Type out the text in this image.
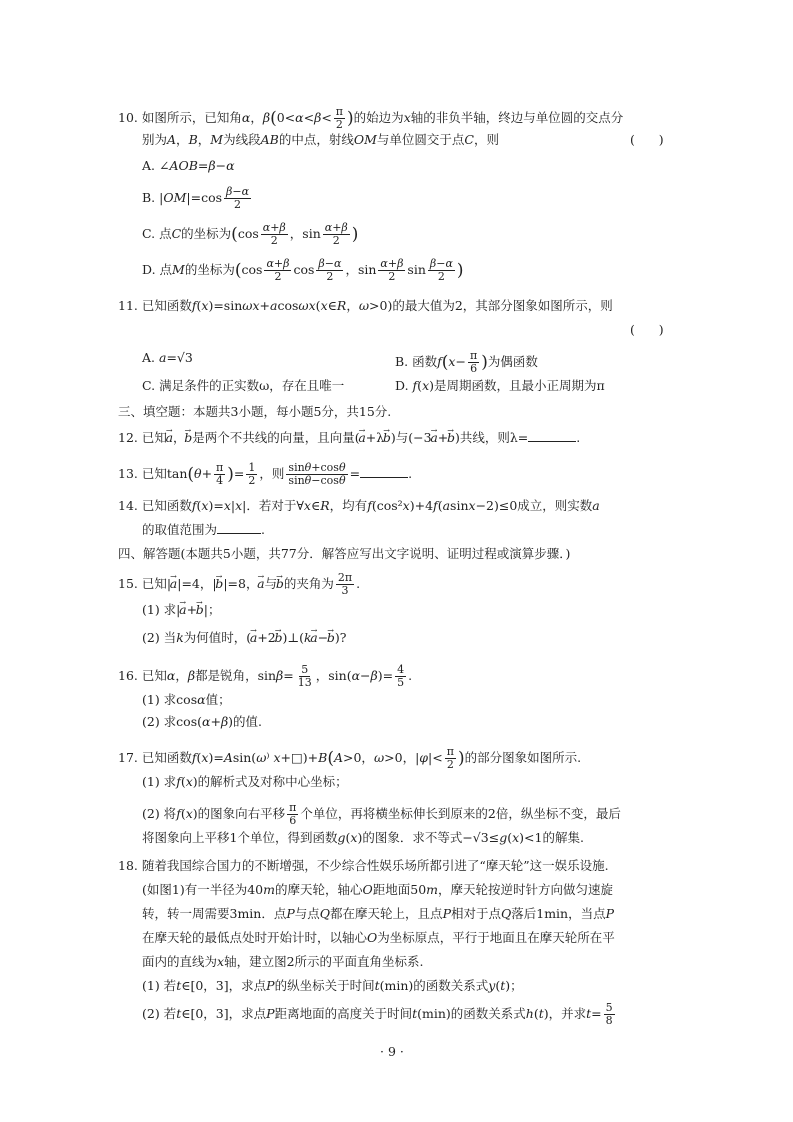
10. 如图所示，已知角α，$\beta(0<\alpha<\beta< \frac{\pi}{2}$ )的始边为x轴的非负半轴，终边与单位圆的交点分
别为A，B，M为线段AB的中点，射线OM与单位圆交于点C，则	(      )
A. ∠AOB=β−α
B. $|OM|=\cos \frac{\beta-\alpha}{2}$
C. 点C的坐标为($\cos \frac{\alpha+\beta}{2}$ ，$\sin \frac{\alpha+\beta}{2}$ )
D. 点M的坐标为($\cos \frac{\alpha+\beta}{2}$ $\cos \frac{\beta-\alpha}{2}$ ，$\sin \frac{\alpha+\beta}{2}$ $\sin \frac{\beta-\alpha}{2}$ )
11. 已知函数f(x)=sinωx+acosωx(x∈R，ω>0)的最大值为2，其部分图象如图所示，则
(      )
A. a=√3	B. 函数$f(x- \frac{\pi}{6}$ )为偶函数
C. 满足条件的正实数ω，存在且唯一	D. f(x)是周期函数，且最小正周期为π
三、填空题：本题共3小题，每小题5分，共15分.
12. 已知→ a，→ b是两个不共线的向量，且向量(→ a+λ→ b)与(−3→ a+→ b)共线，则λ=	.
13. 已知$\tan(\theta+ \frac{\pi}{4}$ )= $\frac{1}{2}$ ，则 $\frac{\sin\theta+\cos\theta}{\sin\theta-\cos\theta}$ =	.
14. 已知函数f(x)=x|x|．若对于∀x∈R，均有f(cos²x)+4f(asinx−2)≤0成立，则实数a
的取值范围为	.
四、解答题(本题共5小题，共77分．解答应写出文字说明、证明过程或演算步骤．)
15. 已知|→ a|=4，|→ b|=8，→ a与→ b的夹角为 $\frac{2\pi}{3}$ .
(1) 求|→ a+→ b|；
(2) 当k为何值时，(→ a+2→ b)⊥(k→ a−→ b)?
16. 已知α，β都是锐角，$\sin\beta= \frac{5}{13}$ ，$\sin(\alpha-\beta)= \frac{4}{5}$ .
(1) 求cosα值；
(2) 求cos(α+β)的值.
17. 已知函数f(x)=Asin(ω⁾ x+□)+B(A>0，ω>0，$|\varphi|< \frac{\pi}{2}$ )的部分图象如图所示.
(1) 求f(x)的解析式及对称中心坐标；
(2) 将f(x)的图象向右平移 $\frac{\pi}{6}$ 个单位，再将横坐标伸长到原来的2倍，纵坐标不变，最后
将图象向上平移1个单位，得到函数g(x)的图象．求不等式−√3≤g(x)<1的解集.
18. 随着我国综合国力的不断增强，不少综合性娱乐场所都引进了“摩天轮”这一娱乐设施.
(如图1)有一半径为40m的摩天轮，轴心O距地面50m，摩天轮按逆时针方向做匀速旋
转，转一周需要3min．点P与点Q都在摩天轮上，且点P相对于点Q落后1min，当点P
在摩天轮的最低点处时开始计时，以轴心O为坐标原点，平行于地面且在摩天轮所在平
面内的直线为x轴，建立图2所示的平面直角坐标系.
(1) 若t∈[0，3]，求点P的纵坐标关于时间t(min)的函数关系式y(t)；
(2) 若t∈[0，3]，求点P距离地面的高度关于时间t(min)的函数关系式h(t)，并求$t= \frac{5}{8}$
· 9 ·
